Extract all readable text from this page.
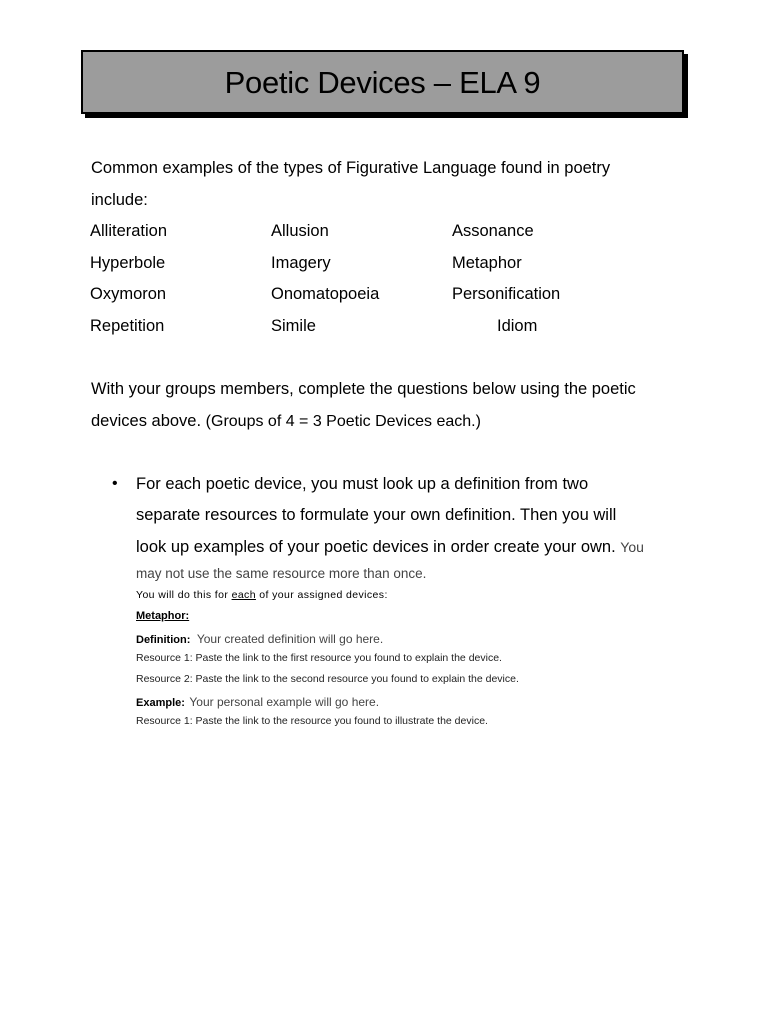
Poetic Devices – ELA 9
Common examples of the types of Figurative Language found in poetry
include:
Alliteration	Allusion	Assonance
Hyperbole	Imagery	Metaphor
Oxymoron	Onomatopoeia	Personification
Repetition	Simile	Idiom
With your groups members, complete the questions below using the poetic
devices above. (Groups of 4 = 3 Poetic Devices each.)
• For each poetic device, you must look up a definition from two
separate resources to formulate your own definition. Then you will
look up examples of your poetic devices in order create your own. You
may not use the same resource more than once.
You will do this for each of your assigned devices:
Metaphor:
Definition: Your created definition will go here.
Resource 1: Paste the link to the first resource you found to explain the device.
Resource 2: Paste the link to the second resource you found to explain the device.
Example: Your personal example will go here.
Resource 1: Paste the link to the resource you found to illustrate the device.
